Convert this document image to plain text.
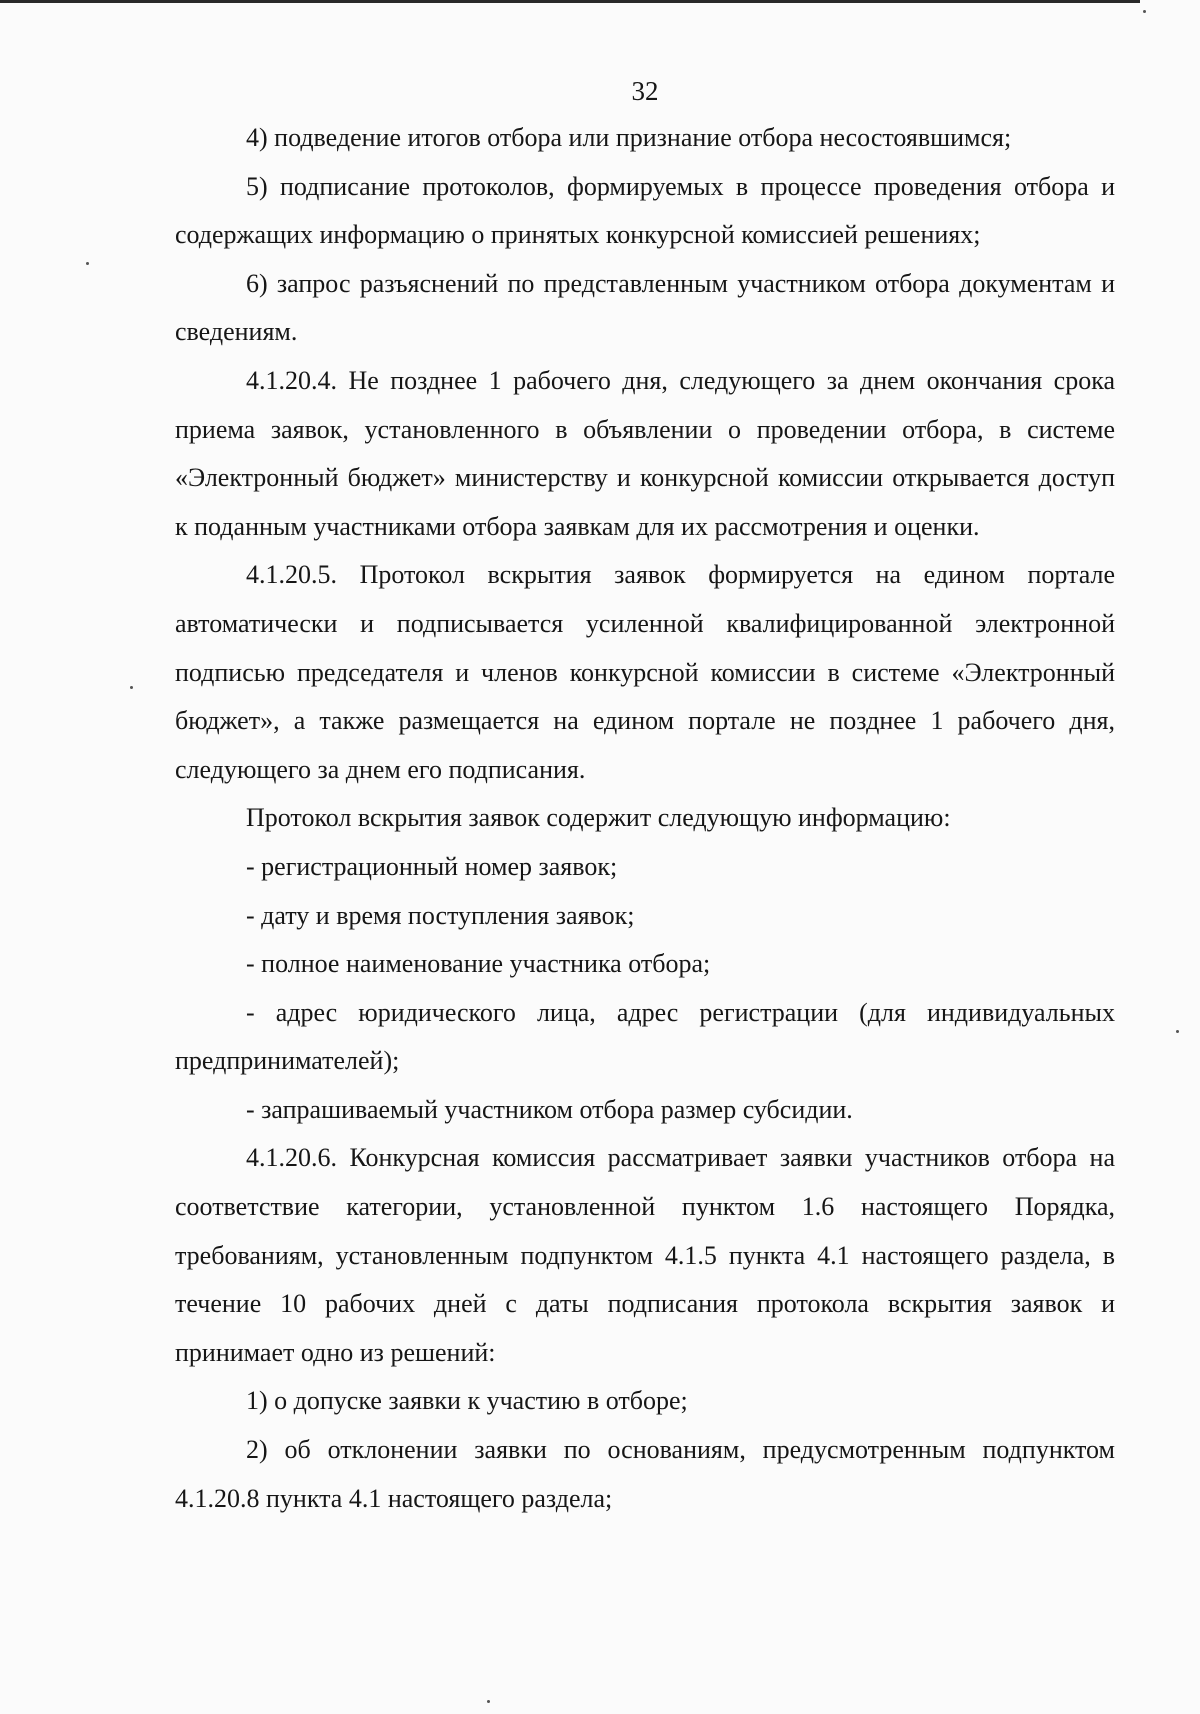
32

4) подведение итогов отбора или признание отбора несостоявшимся;

5) подписание протоколов, формируемых в процессе проведения отбора и содержащих информацию о принятых конкурсной комиссией решениях;

6) запрос разъяснений по представленным участником отбора документам и сведениям.

4.1.20.4. Не позднее 1 рабочего дня, следующего за днем окончания срока приема заявок, установленного в объявлении о проведении отбора, в системе «Электронный бюджет» министерству и конкурсной комиссии открывается доступ к поданным участниками отбора заявкам для их рассмотрения и оценки.

4.1.20.5. Протокол вскрытия заявок формируется на едином портале автоматически и подписывается усиленной квалифицированной электронной подписью председателя и членов конкурсной комиссии в системе «Электронный бюджет», а также размещается на едином портале не позднее 1 рабочего дня, следующего за днем его подписания.

Протокол вскрытия заявок содержит следующую информацию:

- регистрационный номер заявок;

- дату и время поступления заявок;

- полное наименование участника отбора;

- адрес юридического лица, адрес регистрации (для индивидуальных предпринимателей);

- запрашиваемый участником отбора размер субсидии.

4.1.20.6. Конкурсная комиссия рассматривает заявки участников отбора на соответствие категории, установленной пунктом 1.6 настоящего Порядка, требованиям, установленным подпунктом 4.1.5 пункта 4.1 настоящего раздела, в течение 10 рабочих дней с даты подписания протокола вскрытия заявок и принимает одно из решений:

1) о допуске заявки к участию в отборе;

2) об отклонении заявки по основаниям, предусмотренным подпунктом 4.1.20.8 пункта 4.1 настоящего раздела;
